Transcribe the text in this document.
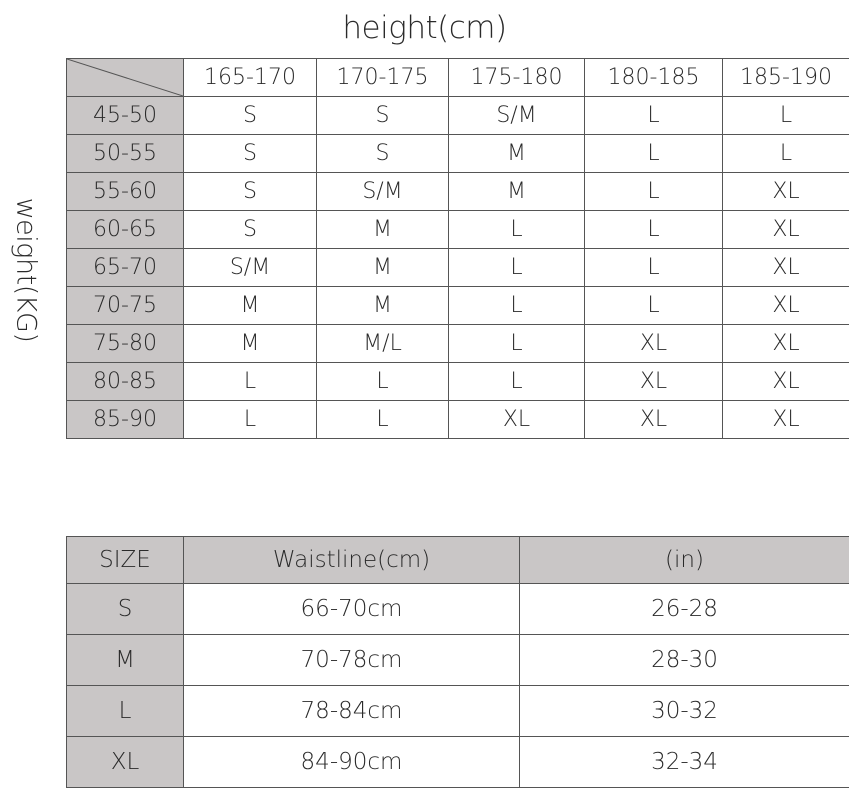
height(cm)
weight(KG)
	165-170	170-175	175-180	180-185	185-190
45-50	S	S	S/M	L	L
50-55	S	S	M	L	L
55-60	S	S/M	M	L	XL
60-65	S	M	L	L	XL
65-70	S/M	M	L	L	XL
70-75	M	M	L	L	XL
75-80	M	M/L	L	XL	XL
80-85	L	L	L	XL	XL
85-90	L	L	XL	XL	XL
SIZE	Waistline(cm)	(in)
S	66-70cm	26-28
M	70-78cm	28-30
L	78-84cm	30-32
XL	84-90cm	32-34
